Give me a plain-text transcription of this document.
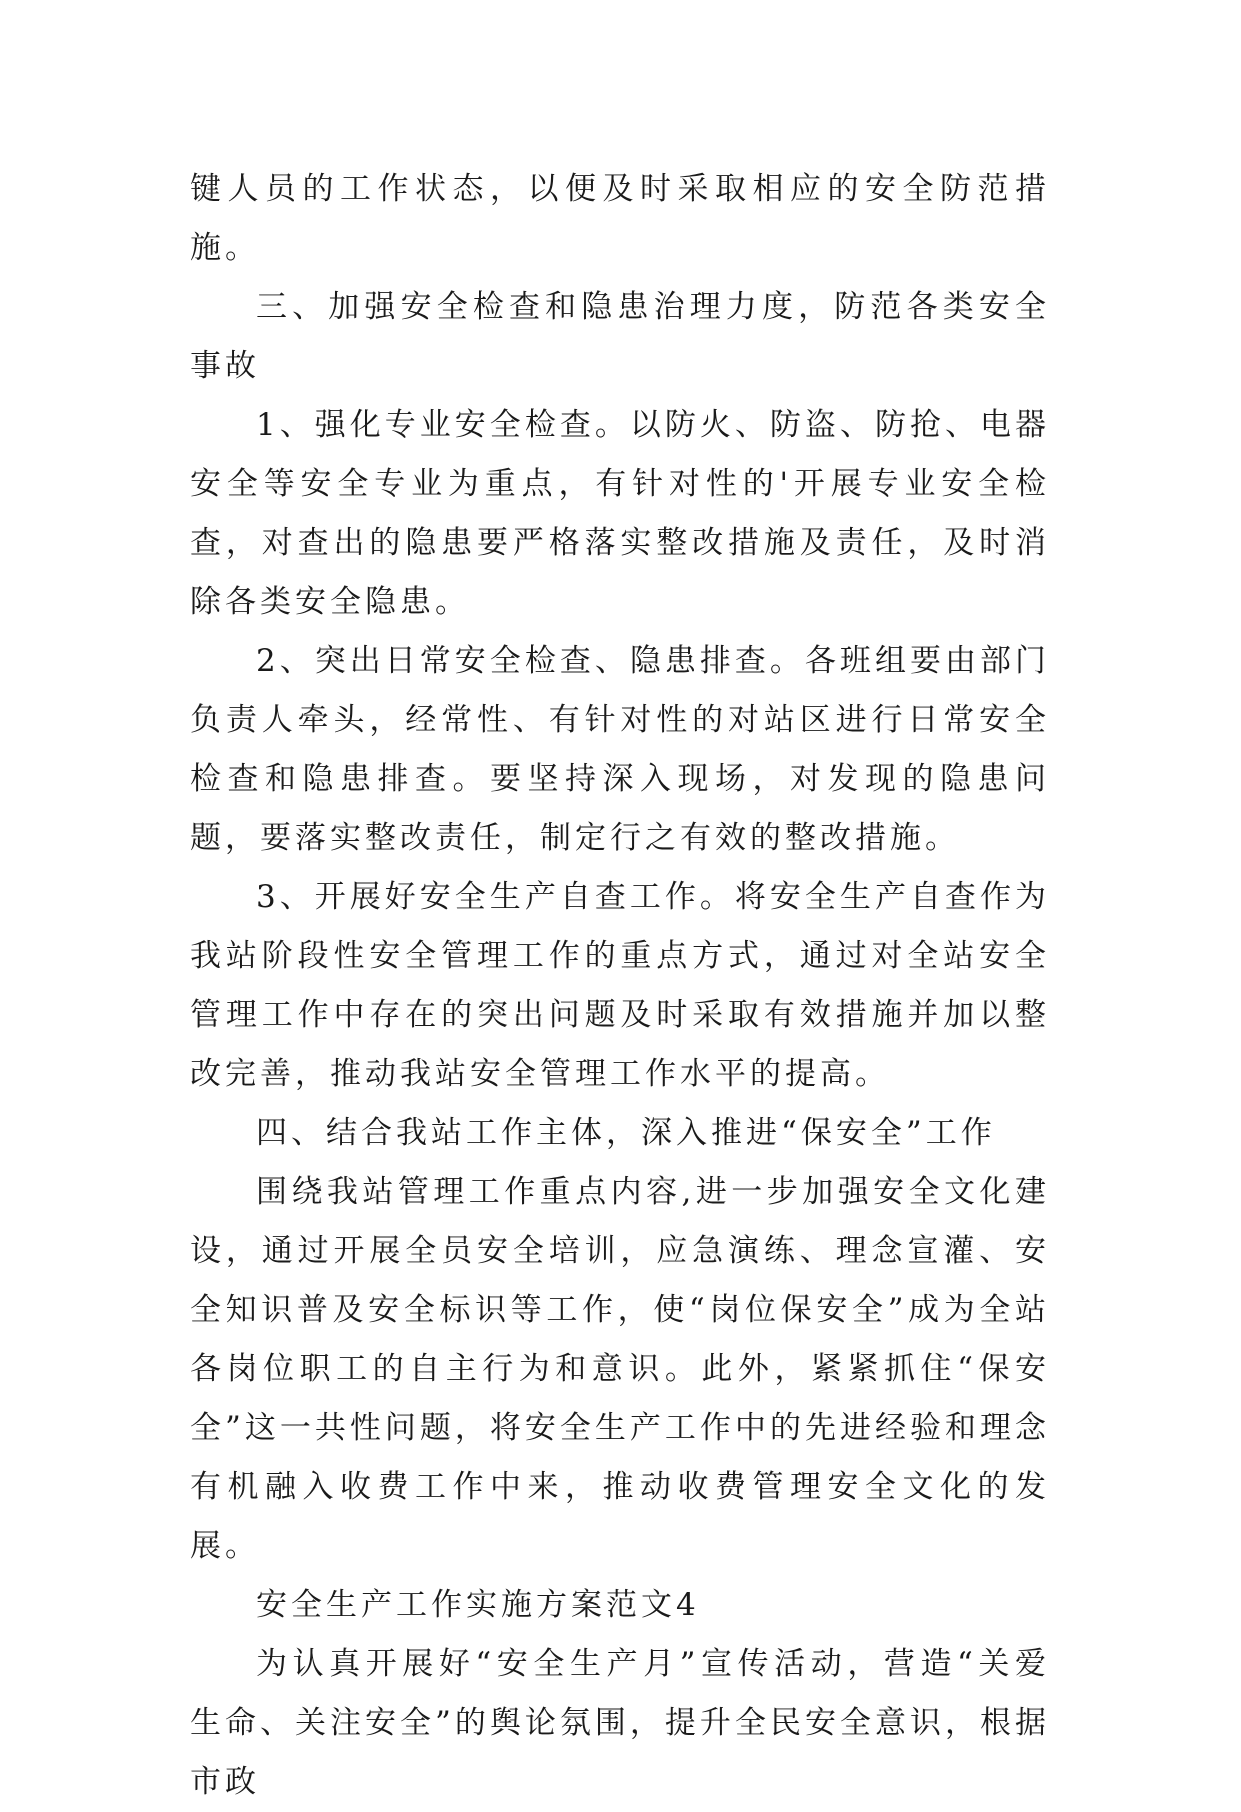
键人员的工作状态，以便及时采取相应的安全防范措施。

三、加强安全检查和隐患治理力度，防范各类安全事故

1、强化专业安全检查。以防火、防盗、防抢、电器安全等安全专业为重点，有针对性的'开展专业安全检查，对查出的隐患要严格落实整改措施及责任，及时消除各类安全隐患。

2、突出日常安全检查、隐患排查。各班组要由部门负责人牵头，经常性、有针对性的对站区进行日常安全检查和隐患排查。要坚持深入现场，对发现的隐患问题，要落实整改责任，制定行之有效的整改措施。

3、开展好安全生产自查工作。将安全生产自查作为我站阶段性安全管理工作的重点方式，通过对全站安全管理工作中存在的突出问题及时采取有效措施并加以整改完善，推动我站安全管理工作水平的提高。

四、结合我站工作主体，深入推进“保安全”工作

围绕我站管理工作重点内容,进一步加强安全文化建设，通过开展全员安全培训，应急演练、理念宣灌、安全知识普及安全标识等工作，使“岗位保安全”成为全站各岗位职工的自主行为和意识。此外，紧紧抓住“保安全”这一共性问题，将安全生产工作中的先进经验和理念有机融入收费工作中来，推动收费管理安全文化的发展。

安全生产工作实施方案范文4

为认真开展好“安全生产月”宣传活动，营造“关爱生命、关注安全”的舆论氛围，提升全民安全意识，根据市政
